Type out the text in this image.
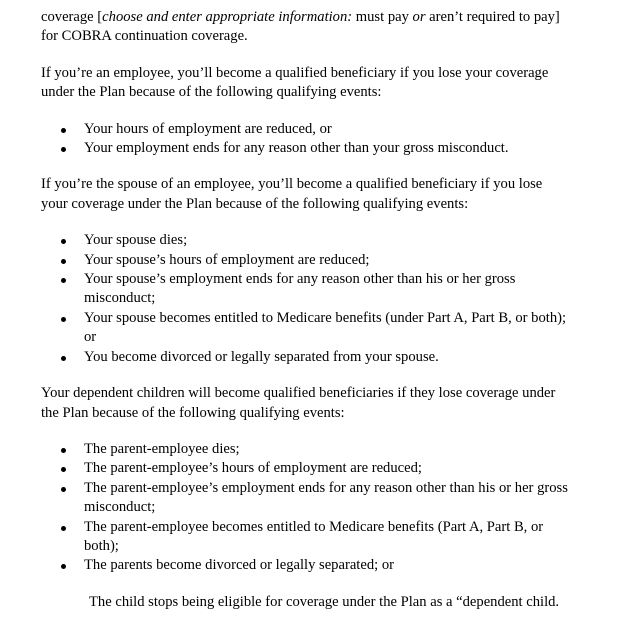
coverage [choose and enter appropriate information: must pay or aren’t required to pay] for COBRA continuation coverage.

If you’re an employee, you’ll become a qualified beneficiary if you lose your coverage under the Plan because of the following qualifying events:

Your hours of employment are reduced, or
Your employment ends for any reason other than your gross misconduct.

If you’re the spouse of an employee, you’ll become a qualified beneficiary if you lose your coverage under the Plan because of the following qualifying events:

Your spouse dies;
Your spouse’s hours of employment are reduced;
Your spouse’s employment ends for any reason other than his or her gross misconduct;
Your spouse becomes entitled to Medicare benefits (under Part A, Part B, or both); or
You become divorced or legally separated from your spouse.

Your dependent children will become qualified beneficiaries if they lose coverage under the Plan because of the following qualifying events:

The parent-employee dies;
The parent-employee’s hours of employment are reduced;
The parent-employee’s employment ends for any reason other than his or her gross misconduct;
The parent-employee becomes entitled to Medicare benefits (Part A, Part B, or both);
The parents become divorced or legally separated; or

The child stops being eligible for coverage under the Plan as a “dependent child.
